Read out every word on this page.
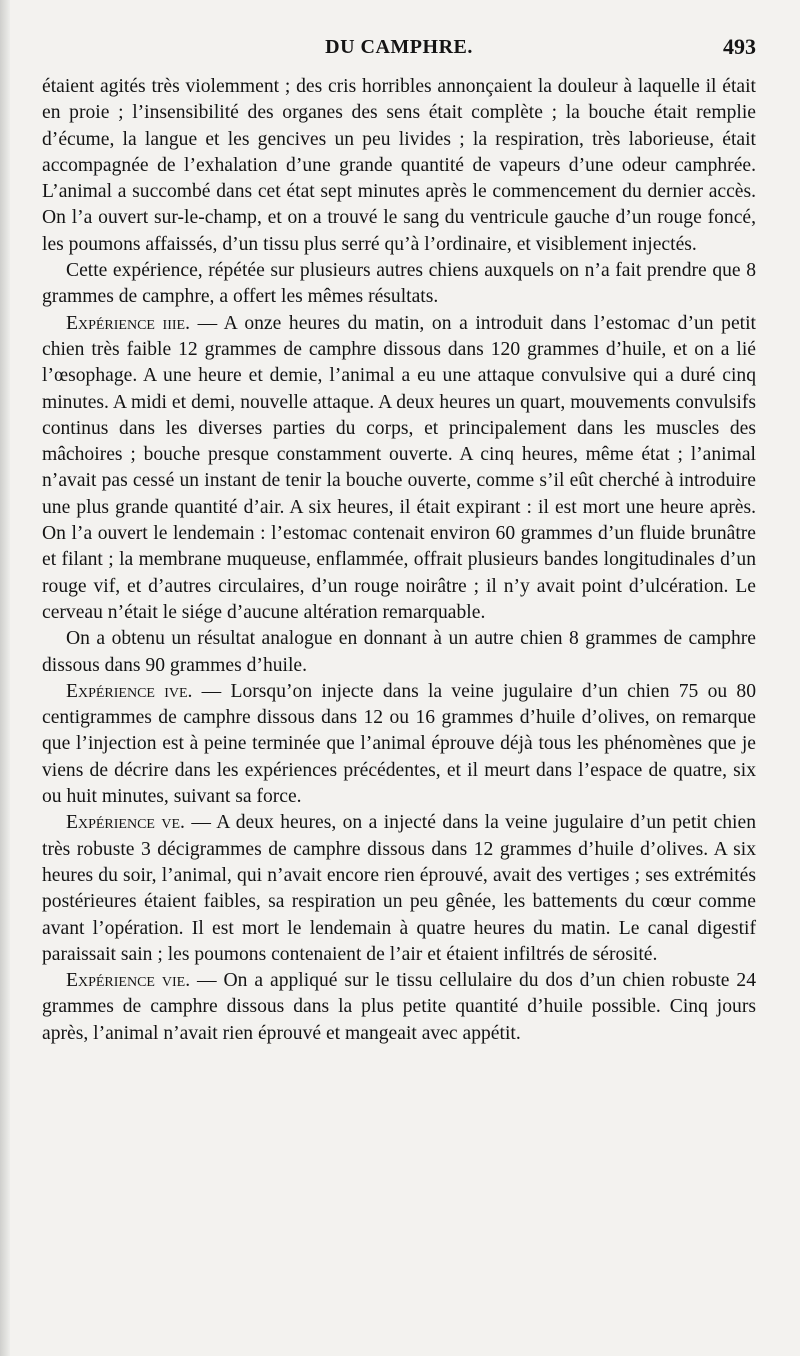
DU CAMPHRE.	493

étaient agités très violemment ; des cris horribles annonçaient la douleur à laquelle il était en proie ; l’insensibilité des organes des sens était complète ; la bouche était remplie d’écume, la langue et les gencives un peu livides ; la respiration, très laborieuse, était accompagnée de l’exhalation d’une grande quantité de vapeurs d’une odeur camphrée. L’animal a succombé dans cet état sept minutes après le commencement du dernier accès. On l’a ouvert sur-le-champ, et on a trouvé le sang du ventricule gauche d’un rouge foncé, les poumons affaissés, d’un tissu plus serré qu’à l’ordinaire, et visiblement injectés.

Cette expérience, répétée sur plusieurs autres chiens auxquels on n’a fait prendre que 8 grammes de camphre, a offert les mêmes résultats.

Expérience iiie. — A onze heures du matin, on a introduit dans l’estomac d’un petit chien très faible 12 grammes de camphre dissous dans 120 grammes d’huile, et on a lié l’œsophage. A une heure et demie, l’animal a eu une attaque convulsive qui a duré cinq minutes. A midi et demi, nouvelle attaque. A deux heures un quart, mouvements convulsifs continus dans les diverses parties du corps, et principalement dans les muscles des mâchoires ; bouche presque constamment ouverte. A cinq heures, même état ; l’animal n’avait pas cessé un instant de tenir la bouche ouverte, comme s’il eût cherché à introduire une plus grande quantité d’air. A six heures, il était expirant : il est mort une heure après. On l’a ouvert le lendemain : l’estomac contenait environ 60 grammes d’un fluide brunâtre et filant ; la membrane muqueuse, enflammée, offrait plusieurs bandes longitudinales d’un rouge vif, et d’autres circulaires, d’un rouge noirâtre ; il n’y avait point d’ulcération. Le cerveau n’était le siége d’aucune altération remarquable.

On a obtenu un résultat analogue en donnant à un autre chien 8 grammes de camphre dissous dans 90 grammes d’huile.

Expérience ive. — Lorsqu’on injecte dans la veine jugulaire d’un chien 75 ou 80 centigrammes de camphre dissous dans 12 ou 16 grammes d’huile d’olives, on remarque que l’injection est à peine terminée que l’animal éprouve déjà tous les phénomènes que je viens de décrire dans les expériences précédentes, et il meurt dans l’espace de quatre, six ou huit minutes, suivant sa force.

Expérience ve. — A deux heures, on a injecté dans la veine jugulaire d’un petit chien très robuste 3 décigrammes de camphre dissous dans 12 grammes d’huile d’olives. A six heures du soir, l’animal, qui n’avait encore rien éprouvé, avait des vertiges ; ses extrémités postérieures étaient faibles, sa respiration un peu gênée, les battements du cœur comme avant l’opération. Il est mort le lendemain à quatre heures du matin. Le canal digestif paraissait sain ; les poumons contenaient de l’air et étaient infiltrés de sérosité.

Expérience vie. — On a appliqué sur le tissu cellulaire du dos d’un chien robuste 24 grammes de camphre dissous dans la plus petite quantité d’huile possible. Cinq jours après, l’animal n’avait rien éprouvé et mangeait avec appétit.
